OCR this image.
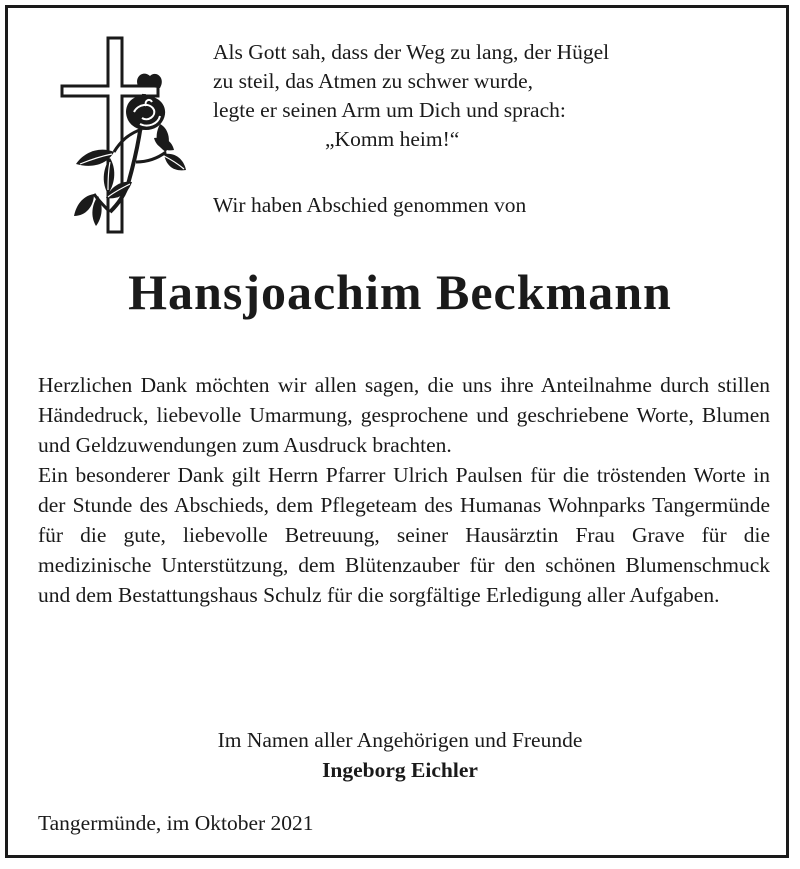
Als Gott sah, dass der Weg zu lang, der Hügel
zu steil, das Atmen zu schwer wurde,
legte er seinen Arm um Dich und sprach:
„Komm heim!“
Wir haben Abschied genommen von
Hansjoachim Beckmann

Herzlichen Dank möchten wir allen sagen, die uns ihre Anteilnahme durch stillen Händedruck, liebevolle Umarmung, gesprochene und geschriebene Worte, Blumen und Geldzuwendungen zum Ausdruck brachten.

Ein besonderer Dank gilt Herrn Pfarrer Ulrich Paulsen für die tröstenden Worte in der Stunde des Abschieds, dem Pflegeteam des Humanas Wohnparks Tangermünde für die gute, liebevolle Betreuung, seiner Hausärztin Frau Grave für die medizinische Unterstützung, dem Blütenzauber für den schönen Blumenschmuck und dem Bestattungshaus Schulz für die sorgfältige Erledigung aller Aufgaben.

Im Namen aller Angehörigen und Freunde
Ingeborg Eichler
Tangermünde, im Oktober 2021
